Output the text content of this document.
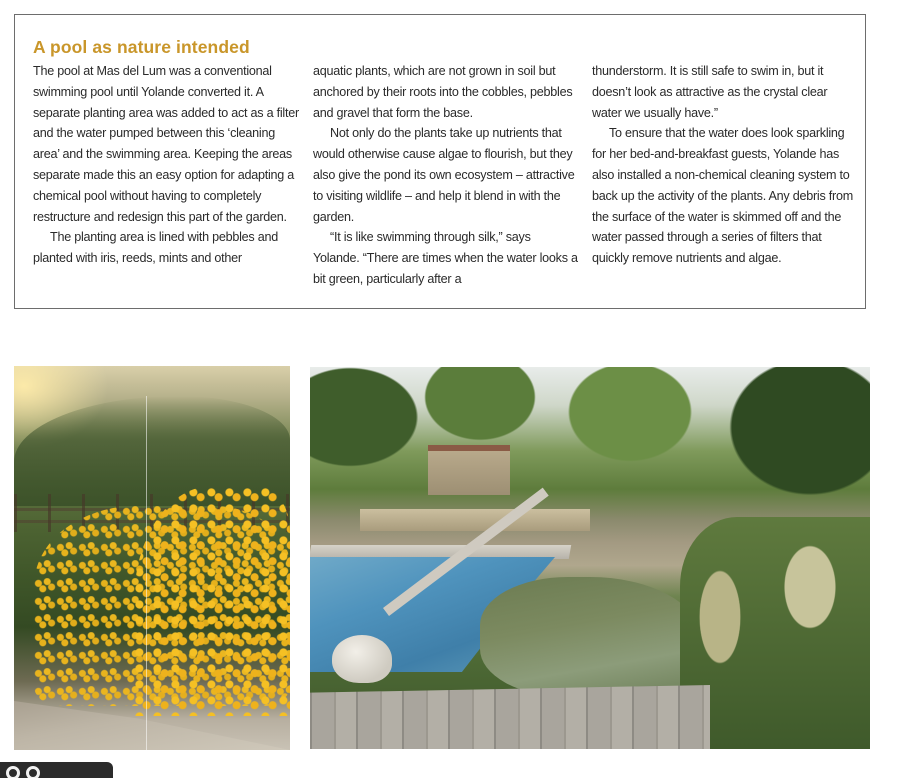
A pool as nature intended

The pool at Mas del Lum was a conventional swimming pool until Yolande converted it. A separate planting area was added to act as a filter and the water pumped between this ‘cleaning area’ and the swimming area. Keeping the areas separate made this an easy option for adapting a chemical pool without having to completely restructure and redesign this part of the garden.

The planting area is lined with pebbles and planted with iris, reeds, mints and other

aquatic plants, which are not grown in soil but anchored by their roots into the cobbles, pebbles and gravel that form the base.

Not only do the plants take up nutrients that would otherwise cause algae to flourish, but they also give the pond its own ecosystem – attractive to visiting wildlife – and help it blend in with the garden.

“It is like swimming through silk,” says Yolande. “There are times when the water looks a bit green, particularly after a

thunderstorm. It is still safe to swim in, but it doesn’t look as attractive as the crystal clear water we usually have.”

To ensure that the water does look sparkling for her bed-and-breakfast guests, Yolande has also installed a non-chemical cleaning system to back up the activity of the plants. Any debris from the surface of the water is skimmed off and the water passed through a series of filters that quickly remove nutrients and algae.
